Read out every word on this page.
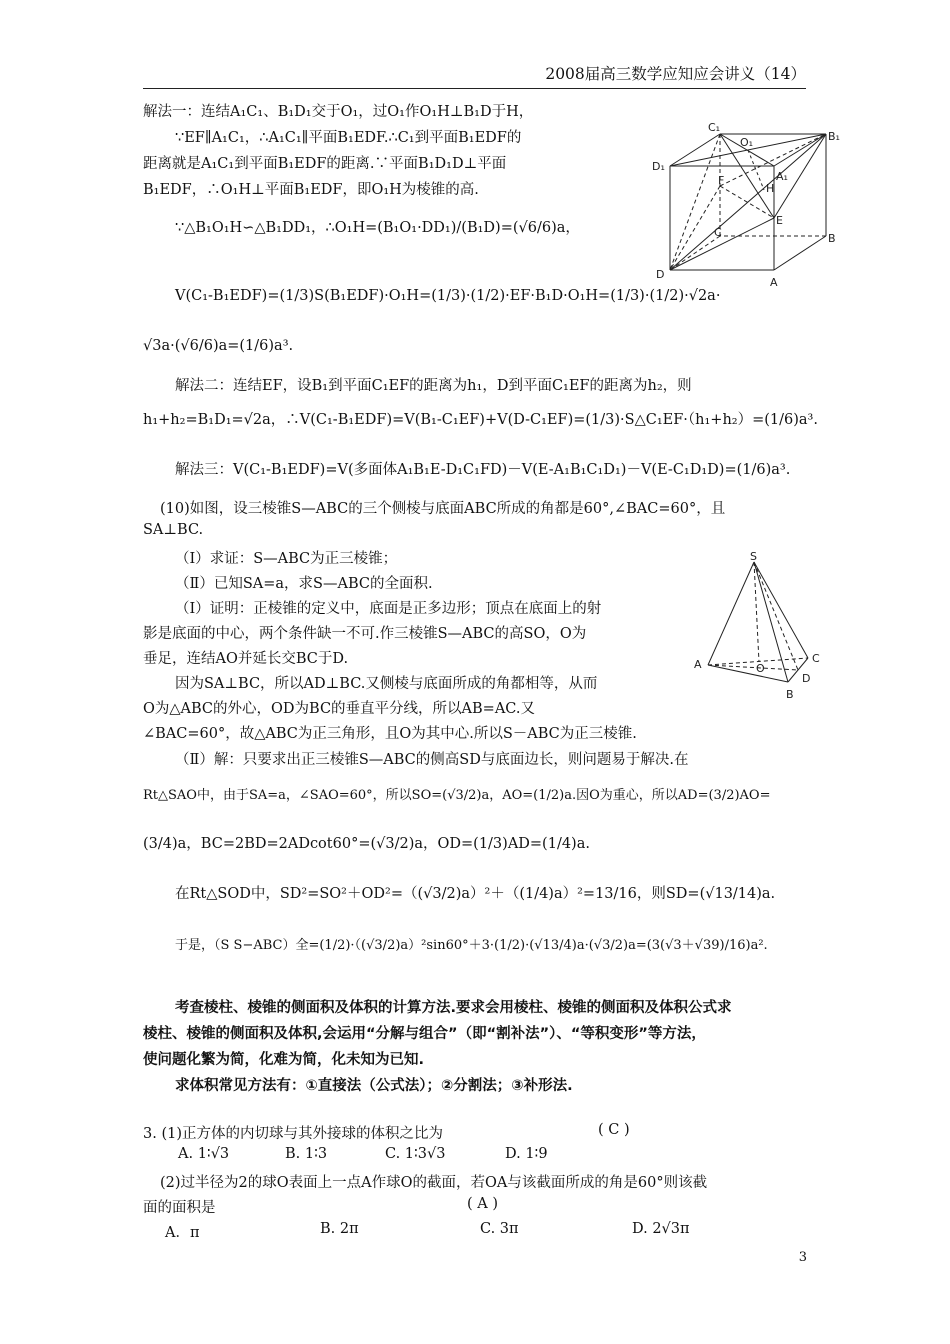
2008届高三数学应知应会讲义（14）
解法一：连结A₁C₁、B₁D₁交于O₁，过O₁作O₁H⊥B₁D于H，
∵EF∥A₁C₁，∴A₁C₁∥平面B₁EDF.∴C₁到平面B₁EDF的
距离就是A₁C₁到平面B₁EDF的距离.∵平面B₁D₁D⊥平面
B₁EDF，∴O₁H⊥平面B₁EDF，即O₁H为棱锥的高.
∵△B₁O₁H∽△B₁DD₁，∴O₁H=(B₁O₁·DD₁)/(B₁D)=(√6/6)a，
V(C₁-B₁EDF)=(1/3)S(B₁EDF)·O₁H=(1/3)·(1/2)·EF·B₁D·O₁H=(1/3)·(1/2)·√2a·
√3a·(√6/6)a=(1/6)a³.
解法二：连结EF，设B₁到平面C₁EF的距离为h₁，D到平面C₁EF的距离为h₂，则
h₁+h₂=B₁D₁=√2a，∴V(C₁-B₁EDF)=V(B₁-C₁EF)+V(D-C₁EF)=(1/3)·S△C₁EF·（h₁+h₂）=(1/6)a³.
解法三：V(C₁-B₁EDF)=V(多面体A₁B₁E-D₁C₁FD)－V(E-A₁B₁C₁D₁)－V(E-C₁D₁D)=(1/6)a³.
(10)如图，设三棱锥S—ABC的三个侧棱与底面ABC所成的角都是60°,∠BAC=60°，且
SA⊥BC.
（Ⅰ）求证：S—ABC为正三棱锥；
（Ⅱ）已知SA=a，求S—ABC的全面积.
（Ⅰ）证明：正棱锥的定义中，底面是正多边形；顶点在底面上的射
影是底面的中心，两个条件缺一不可.作三棱锥S—ABC的高SO，O为
垂足，连结AO并延长交BC于D.
因为SA⊥BC，所以AD⊥BC.又侧棱与底面所成的角都相等，从而
O为△ABC的外心，OD为BC的垂直平分线，所以AB=AC.又
∠BAC=60°，故△ABC为正三角形，且O为其中心.所以S－ABC为正三棱锥.
（Ⅱ）解：只要求出正三棱锥S—ABC的侧高SD与底面边长，则问题易于解决.在
Rt△SAO中，由于SA=a，∠SAO=60°，所以SO=(√3/2)a，AO=(1/2)a.因O为重心，所以AD=(3/2)AO=
(3/4)a，BC=2BD=2ADcot60°=(√3/2)a，OD=(1/3)AD=(1/4)a.
在Rt△SOD中，SD²=SO²＋OD²=（(√3/2)a）²＋（(1/4)a）²=13/16，则SD=(√13/14)a.
于是，（S S−ABC）全=(1/2)·（(√3/2)a）²sin60°＋3·(1/2)·(√13/4)a·(√3/2)a=(3(√3＋√39)/16)a².
考查棱柱、棱锥的侧面积及体积的计算方法.要求会用棱柱、棱锥的侧面积及体积公式求
棱柱、棱锥的侧面积及体积,会运用“分解与组合”（即“割补法”）、“等积变形”等方法，
使问题化繁为简，化难为简，化未知为已知.
求体积常见方法有：①直接法（公式法）；②分割法；③补形法.
3. (1)正方体的内切球与其外接球的体积之比为	( C )
A. 1∶√3	B. 1∶3	C. 1∶3√3	D. 1∶9
(2)过半径为2的球O表面上一点A作球O的截面，若OA与该截面所成的角是60°则该截
面的面积是	( A )
A．π	B. 2π	C. 3π	D. 2√3π
C₁
O₁	B₁
D₁
A₁
F
H
E
C	B
D
A
S
A	O
C
D
B
3
